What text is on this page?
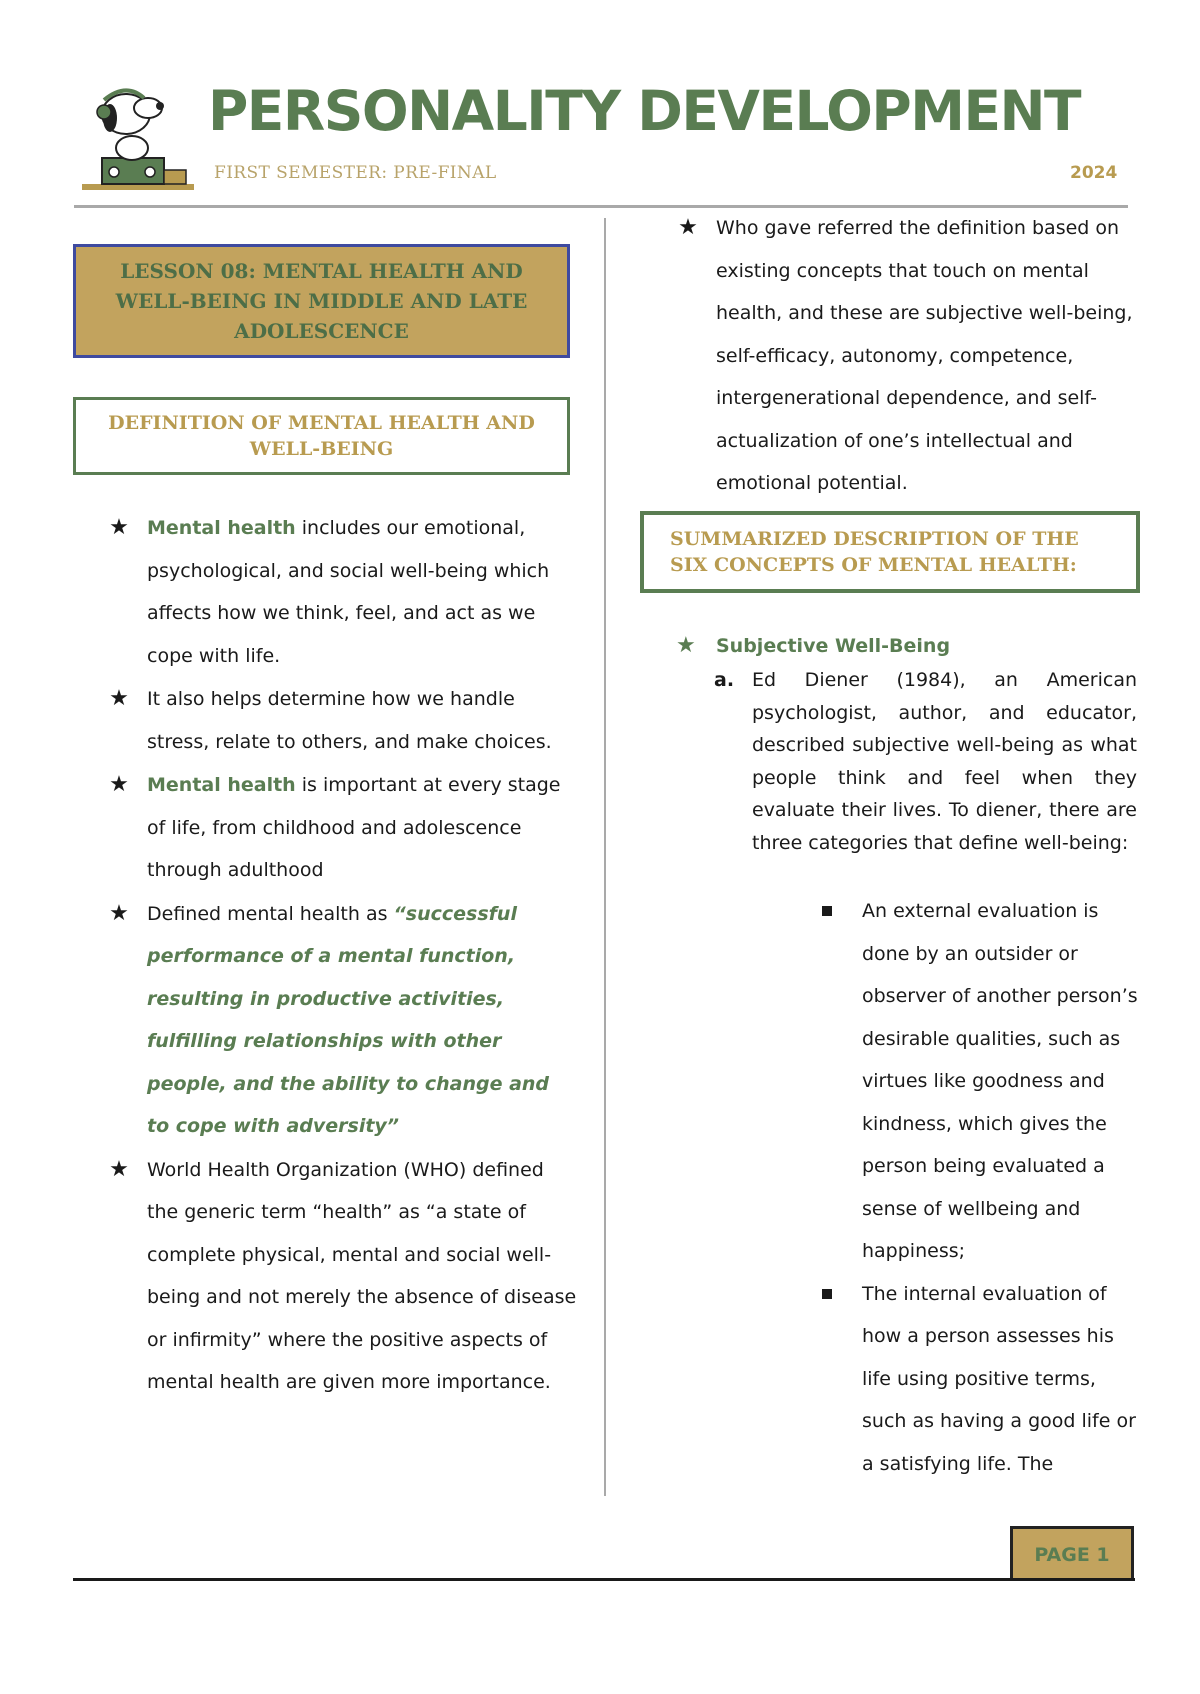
PERSONALITY DEVELOPMENT
FIRST SEMESTER: PRE-FINAL	2024
LESSON 08: MENTAL HEALTH AND WELL-BEING IN MIDDLE AND LATE ADOLESCENCE
DEFINITION OF MENTAL HEALTH AND WELL-BEING
★ Mental health includes our emotional, psychological, and social well-being which affects how we think, feel, and act as we cope with life.
★ It also helps determine how we handle stress, relate to others, and make choices.
★ Mental health is important at every stage of life, from childhood and adolescence through adulthood
★ Defined mental health as “successful performance of a mental function, resulting in productive activities, fulfilling relationships with other people, and the ability to change and to cope with adversity”
★ World Health Organization (WHO) defined the generic term “health” as “a state of complete physical, mental and social well-being and not merely the absence of disease or infirmity” where the positive aspects of mental health are given more importance.
★ Who gave referred the definition based on existing concepts that touch on mental health, and these are subjective well-being, self-efficacy, autonomy, competence, intergenerational dependence, and self-actualization of one’s intellectual and emotional potential.
SUMMARIZED DESCRIPTION OF THE SIX CONCEPTS OF MENTAL HEALTH:
★ Subjective Well-Being
a. Ed Diener (1984), an American psychologist, author, and educator, described subjective well-being as what people think and feel when they evaluate their lives. To diener, there are three categories that define well-being:
An external evaluation is done by an outsider or observer of another person’s desirable qualities, such as virtues like goodness and kindness, which gives the person being evaluated a sense of wellbeing and happiness;
The internal evaluation of how a person assesses his life using positive terms, such as having a good life or a satisfying life. The
PAGE 1
